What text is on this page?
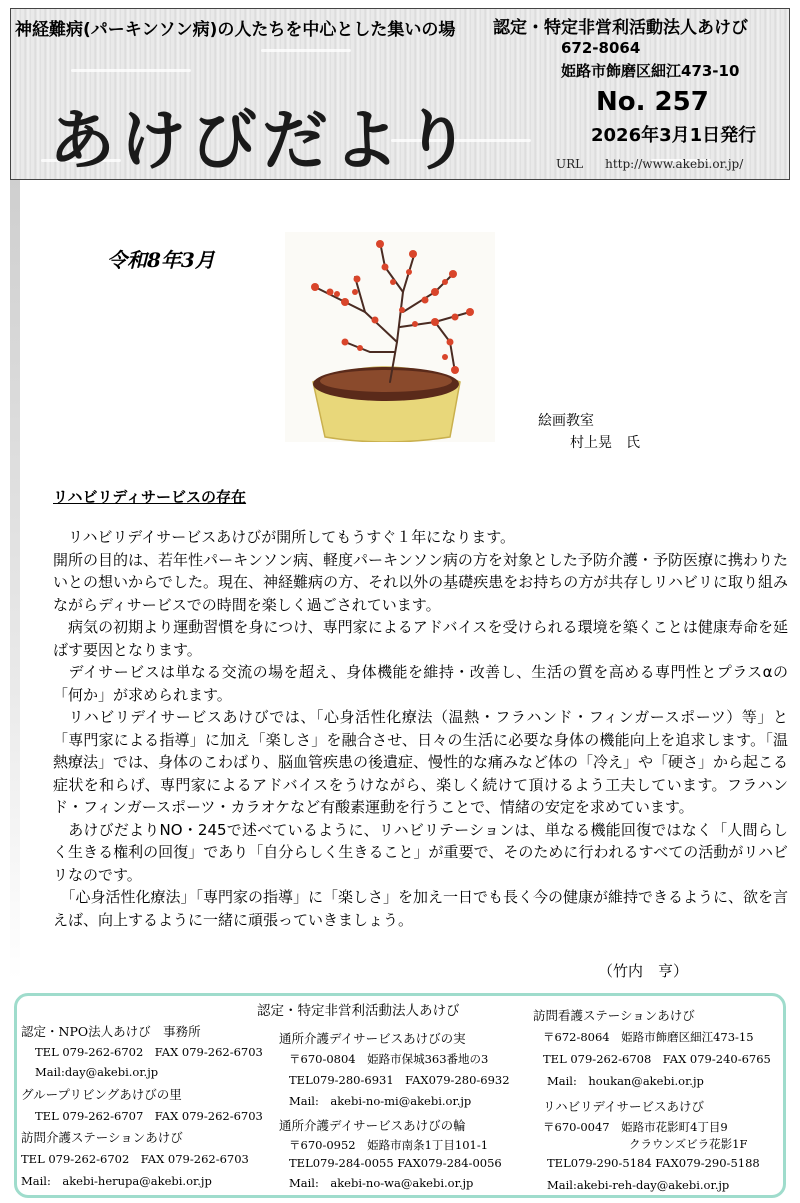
神経難病(パーキンソン病)の人たちを中心とした集いの場 認定・特定非営利活動法人あけび
672-8064
姫路市飾磨区細江473-10
あけびだより	No. 257
2026年3月1日発行
URL http://www.akebi.or.jp/
令和8年3月
絵画教室
村上晃　氏
リハビリディサービスの存在

　リハビリデイサービスあけびが開所してもうすぐ１年になります。

開所の目的は、若年性パーキンソン病、軽度パーキンソン病の方を対象とした予防介護・予防医療に携わりたいとの想いからでした。現在、神経難病の方、それ以外の基礎疾患をお持ちの方が共存しリハビリに取り組みながらディサービスでの時間を楽しく過ごされています。

　病気の初期より運動習慣を身につけ、専門家によるアドバイスを受けられる環境を築くことは健康寿命を延ばす要因となります。

　デイサービスは単なる交流の場を超え、身体機能を維持・改善し、生活の質を高める専門性とプラスαの「何か」が求められます。

　リハビリデイサービスあけびでは、「心身活性化療法（温熱・フラハンド・フィンガースポーツ）等」と「専門家による指導」に加え「楽しさ」を融合させ、日々の生活に必要な身体の機能向上を追求します。「温熱療法」では、身体のこわばり、脳血管疾患の後遺症、慢性的な痛みなど体の「冷え」や「硬さ」から起こる症状を和らげ、専門家によるアドバイスをうけながら、楽しく続けて頂けるよう工夫しています。フラハンド・フィンガースポーツ・カラオケなど有酸素運動を行うことで、情緒の安定を求めています。

　あけびだよりNO・245で述べているように、リハビリテーションは、単なる機能回復ではなく「人間らしく生きる権利の回復」であり「自分らしく生きること」が重要で、そのために行われるすべての活動がリハビリなのです。

　「心身活性化療法」「専門家の指導」に「楽しさ」を加え一日でも長く今の健康が維持できるように、欲を言えば、向上するように一緒に頑張っていきましょう。

（竹内　亨）
認定・特定非営利活動法人あけび
認定・NPO法人あけび　事務所
TEL 079-262-6702　FAX 079-262-6703
Mail:day@akebi.or.jp
グループリビングあけびの里
TEL 079-262-6707　FAX 079-262-6703
訪問介護ステーションあけび
TEL 079-262-6702　FAX 079-262-6703
Mail:　akebi-herupa@akebi.or.jp
通所介護デイサービスあけびの実
〒670-0804　姫路市保城363番地の3
TEL079-280-6931　FAX079-280-6932
Mail:　akebi-no-mi@akebi.or.jp
通所介護デイサービスあけびの輪
〒670-0952　姫路市南条1丁目101-1
TEL079-284-0055 FAX079-284-0056
Mail:　akebi-no-wa@akebi.or.jp
訪問看護ステーションあけび
〒672-8064　姫路市飾磨区細江473-15
TEL 079-262-6708　FAX 079-240-6765
Mail:　houkan@akebi.or.jp
リハビリデイサービスあけび
〒670-0047　姫路市花影町4丁目9
クラウンズビラ花影1F
TEL079-290-5184 FAX079-290-5188
Mail:akebi-reh-day@akebi.or.jp
